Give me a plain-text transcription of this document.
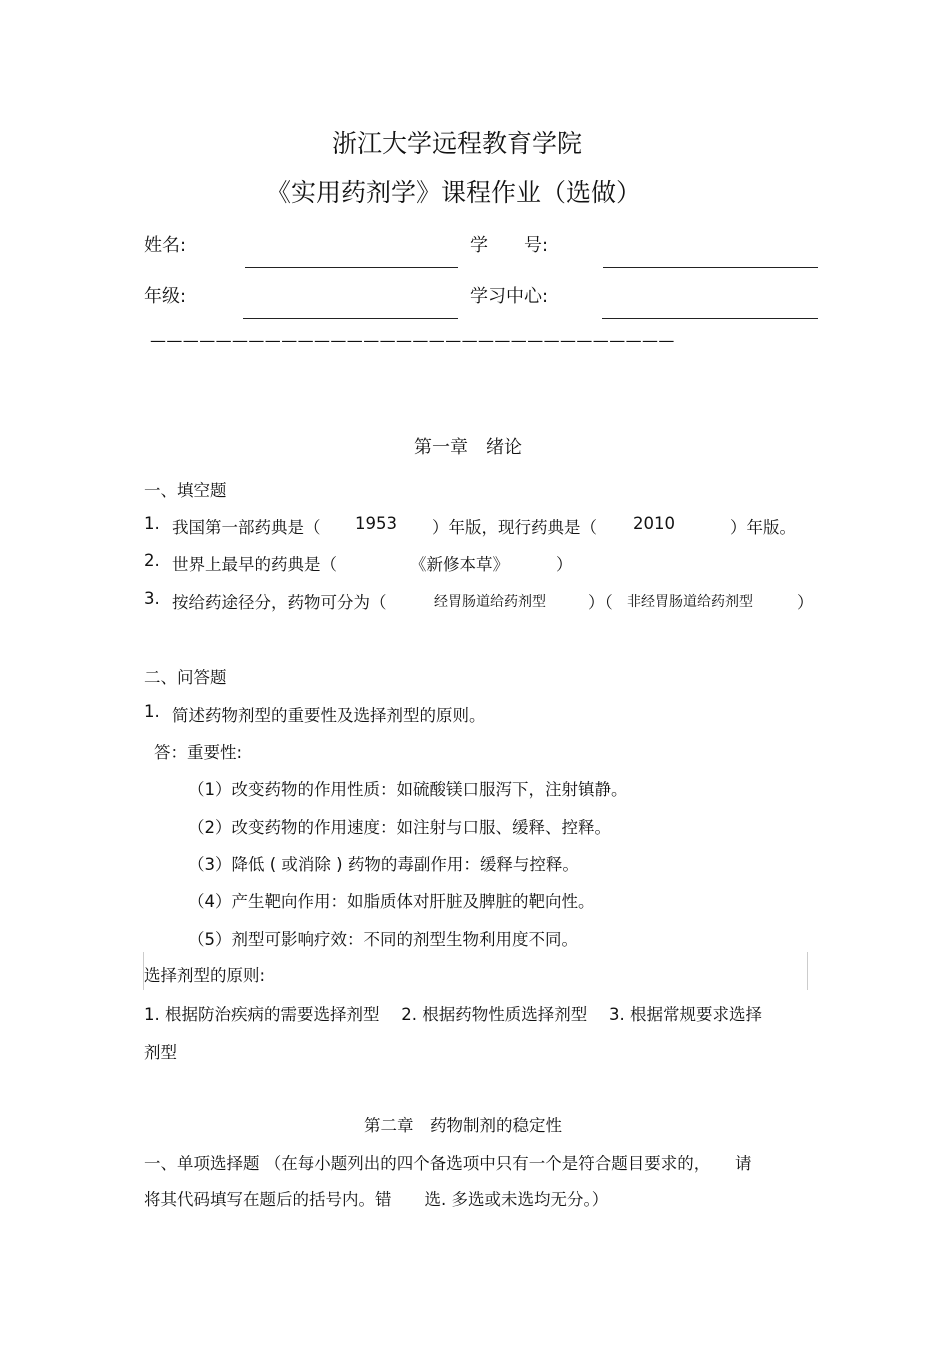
浙江大学远程教育学院
《实用药剂学》课程作业（选做）
姓名:	学　　号:
年级:	学习中心:
————————————————————————————————
第一章　绪论
一、填空题
1. 我国第一部药典是（ 1953 ）年版，现行药典是（ 2010	）年版。
2. 世界上最早的药典是（	《新修本草》	）
3. 按给药途径分，药物可分为（	经胃肠道给药剂型	）（ 非经胃肠道给药剂型	）
二、问答题
1. 简述药物剂型的重要性及选择剂型的原则。
答：重要性:
（1）改变药物的作用性质：如硫酸镁口服泻下，注射镇静。
（2）改变药物的作用速度：如注射与口服、缓释、控释。
（3）降低 ( 或消除 ) 药物的毒副作用：缓释与控释。
（4）产生靶向作用：如脂质体对肝脏及脾脏的靶向性。
（5）剂型可影响疗效：不同的剂型生物利用度不同。
选择剂型的原则:
1. 根据防治疾病的需要选择剂型　 2. 根据药物性质选择剂型　 3. 根据常规要求选择
剂型
第二章　药物制剂的稳定性
一、单项选择题 （在每小题列出的四个备选项中只有一个是符合题目要求的，　　请
将其代码填写在题后的括号内。错　　选. 多选或未选均无分。）
